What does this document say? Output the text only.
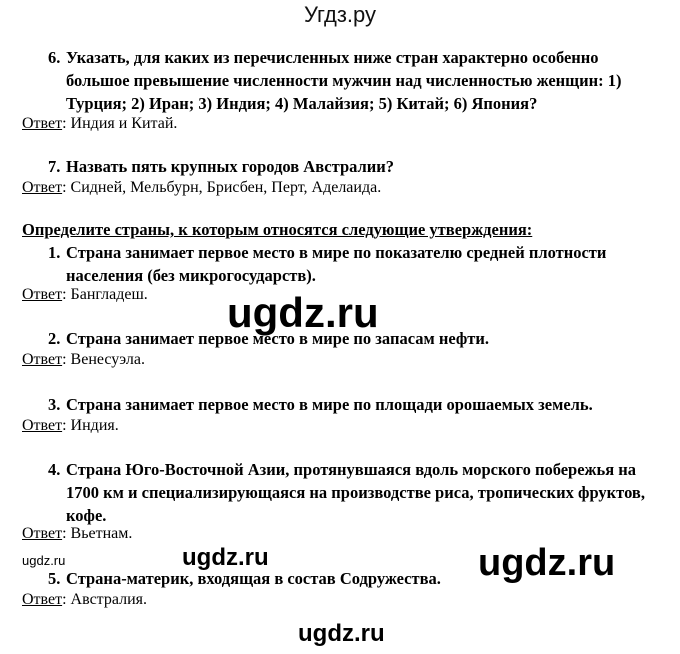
Угдз.ру
6. Указать, для каких из перечисленных ниже стран характерно особенно
большое превышение численности мужчин над численностью женщин: 1)
Турция; 2) Иран; 3) Индия; 4) Малайзия; 5) Китай; 6) Япония?
Ответ: Индия и Китай.
7. Назвать пять крупных городов Австралии?
Ответ: Сидней, Мельбурн, Брисбен, Перт, Аделаида.
Определите страны, к которым относятся следующие утверждения:
1. Страна занимает первое место в мире по показателю средней плотности
населения (без микрогосударств).
Ответ: Бангладеш.
2. Страна занимает первое место в мире по запасам нефти.
Ответ: Венесуэла.
3. Страна занимает первое место в мире по площади орошаемых земель.
Ответ: Индия.
4. Страна Юго-Восточной Азии, протянувшаяся вдоль морского побережья на
1700 км и специализирующаяся на производстве риса, тропических фруктов,
кофе.
Ответ: Вьетнам.
5. Страна-материк, входящая в состав Содружества.
Ответ: Австралия.
ugdz.ru
ugdz.ru	ugdz.ru	ugdz.ru
ugdz.ru
